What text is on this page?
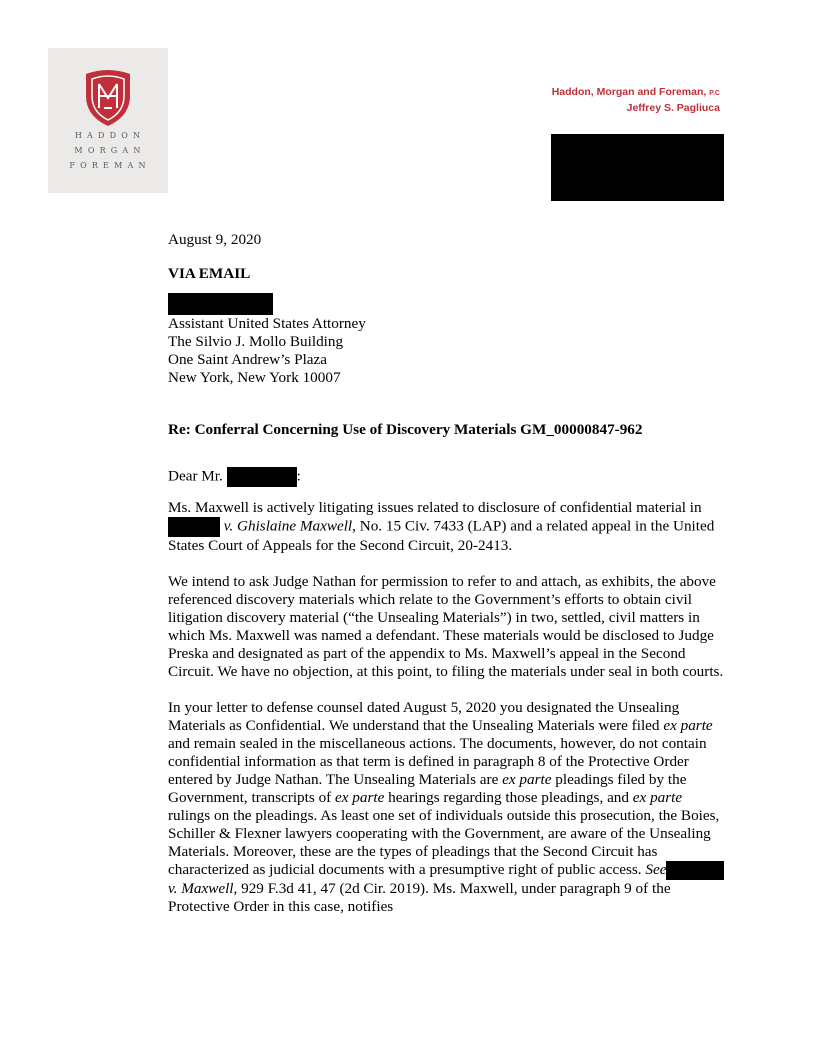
HADDON
MORGAN
FOREMAN
Haddon, Morgan and Foreman, P.C
Jeffrey S. Pagliuca
August 9, 2020
VIA EMAIL
Assistant United States Attorney
The Silvio J. Mollo Building
One Saint Andrew’s Plaza
New York, New York 10007
Re: Conferral Concerning Use of Discovery Materials GM_00000847-962
Dear Mr.	:

Ms. Maxwell is actively litigating issues related to disclosure of confidential material in v. Ghislaine Maxwell, No. 15 Civ. 7433 (LAP) and a related appeal in the United States Court of Appeals for the Second Circuit, 20-2413.

We intend to ask Judge Nathan for permission to refer to and attach, as exhibits, the above referenced discovery materials which relate to the Government’s efforts to obtain civil litigation discovery material (“the Unsealing Materials”) in two, settled, civil matters in which Ms. Maxwell was named a defendant. These materials would be disclosed to Judge Preska and designated as part of the appendix to Ms. Maxwell’s appeal in the Second Circuit. We have no objection, at this point, to filing the materials under seal in both courts.

In your letter to defense counsel dated August 5, 2020 you designated the Unsealing Materials as Confidential. We understand that the Unsealing Materials were filed ex parte and remain sealed in the miscellaneous actions. The documents, however, do not contain confidential information as that term is defined in paragraph 8 of the Protective Order entered by Judge Nathan. The Unsealing Materials are ex parte pleadings filed by the Government, transcripts of ex parte hearings regarding those pleadings, and ex parte rulings on the pleadings. As least one set of individuals outside this prosecution, the Boies, Schiller & Flexner lawyers cooperating with the Government, are aware of the Unsealing Materials. Moreover, these are the types of pleadings that the Second Circuit has characterized as judicial documents with a presumptive right of public access. Seev. Maxwell, 929 F.3d 41, 47 (2d Cir. 2019). Ms. Maxwell, under paragraph 9 of the Protective Order in this case, notifies
